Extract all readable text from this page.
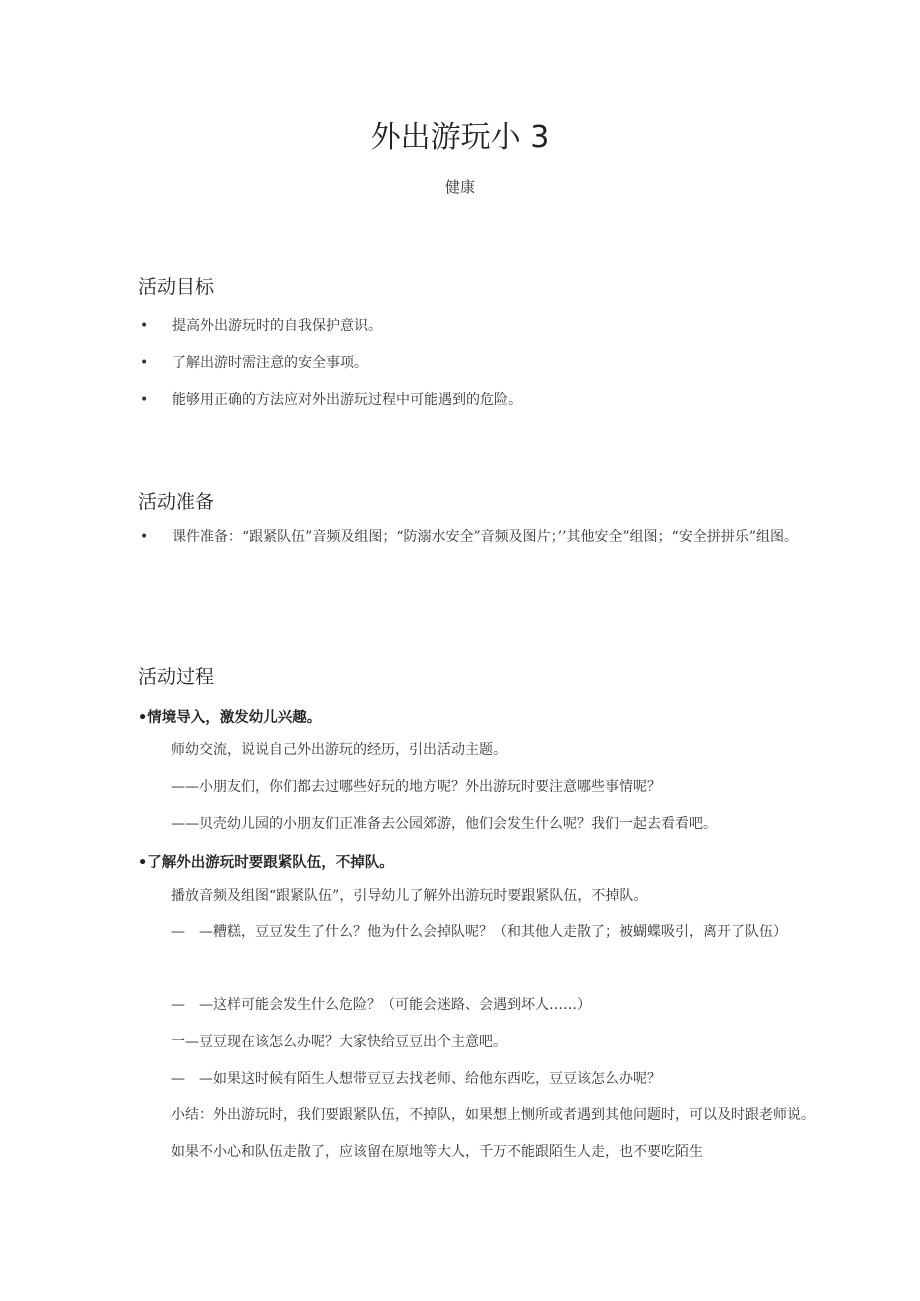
外出游玩小 3

健康

活动目标
•	提高外出游玩时的自我保护意识。
•	了解出游时需注意的安全事项。
•	能够用正确的方法应对外出游玩过程中可能遇到的危险。
活动准备
•	课件准备：“跟紧队伍”音频及组图；“防溺水安全”音频及图片；’’其他安全”组图；“安全拼拼乐”组图。
活动过程
•情境导入，激发幼儿兴趣。

师幼交流，说说自己外出游玩的经历，引出活动主题。

——小朋友们，你们都去过哪些好玩的地方呢？外出游玩时要注意哪些事情呢？

——贝壳幼儿园的小朋友们正准备去公园郊游，他们会发生什么呢？我们一起去看看吧。

•了解外出游玩时要跟紧队伍，不掉队。

播放音频及组图“跟紧队伍”，引导幼儿了解外出游玩时要跟紧队伍，不掉队。

—　—糟糕，豆豆发生了什么？他为什么会掉队呢？（和其他人走散了；被蝴蝶吸引，离开了队伍）

—　—这样可能会发生什么危险？（可能会迷路、会遇到坏人……）

一—豆豆现在该怎么办呢？大家快给豆豆出个主意吧。

—　—如果这时候有陌生人想带豆豆去找老师、给他东西吃，豆豆该怎么办呢？

小结：外出游玩时，我们要跟紧队伍，不掉队，如果想上恻所或者遇到其他问题时，可以及时跟老师说。如果不小心和队伍走散了，应该留在原地等大人，千万不能跟陌生人走，也不要吃陌生
